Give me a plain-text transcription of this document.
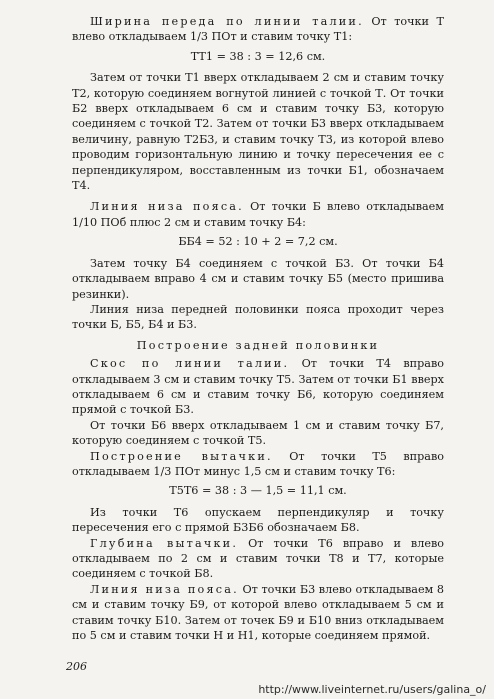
Ширина переда по линии талии. От точки Т влево откладываем 1/3 ПОт и ставим точку Т1:

TT1 = 38 : 3 = 12,6 см.

Затем от точки Т1 вверх откладываем 2 см и ставим точку Т2, которую соединяем вогнутой линией с точкой Т. От точки Б2 вверх откладываем 6 см и ставим точку Б3, которую соединяем с точкой Т2. Затем от точки Б3 вверх откладываем величину, равную Т2Б3, и ставим точку Т3, из которой влево проводим горизонтальную линию и точку пересечения ее с перпендикуляром, восставленным из точки Б1, обозначаем Т4.

Линия низа пояса. От точки Б влево откладываем 1/10 ПОб плюс 2 см и ставим точку Б4:

ББ4 = 52 : 10 + 2 = 7,2 см.

Затем точку Б4 соединяем с точкой Б3. От точки Б4 откладываем вправо 4 см и ставим точку Б5 (место пришива резинки).

Линия низа передней половинки пояса проходит через точки Б, Б5, Б4 и Б3.

Построение задней половинки

Скос по линии талии. От точки Т4 вправо откладываем 3 см и ставим точку Т5. Затем от точки Б1 вверх откладываем 6 см и ставим точку Б6, которую соединяем прямой с точкой Б3.

От точки Б6 вверх откладываем 1 см и ставим точку Б7, которую соединяем с точкой Т5.

Построение вытачки. От точки Т5 вправо откладываем 1/3 ПОт минус 1,5 см и ставим точку Т6:

Т5Т6 = 38 : 3 — 1,5 = 11,1 см.

Из точки Т6 опускаем перпендикуляр и точку пересечения его с прямой Б3Б6 обозначаем Б8.

Глубина вытачки. От точки Т6 вправо и влево откладываем по 2 см и ставим точки Т8 и Т7, которые соединяем с точкой Б8.

Линия низа пояса. От точки Б3 влево откладываем 8 см и ставим точку Б9, от которой влево откладываем 5 см и ставим точку Б10. Затем от точек Б9 и Б10 вниз откладываем по 5 см и ставим точки Н и Н1, которые соединяем прямой.

206
http://www.liveinternet.ru/users/galina_o/
